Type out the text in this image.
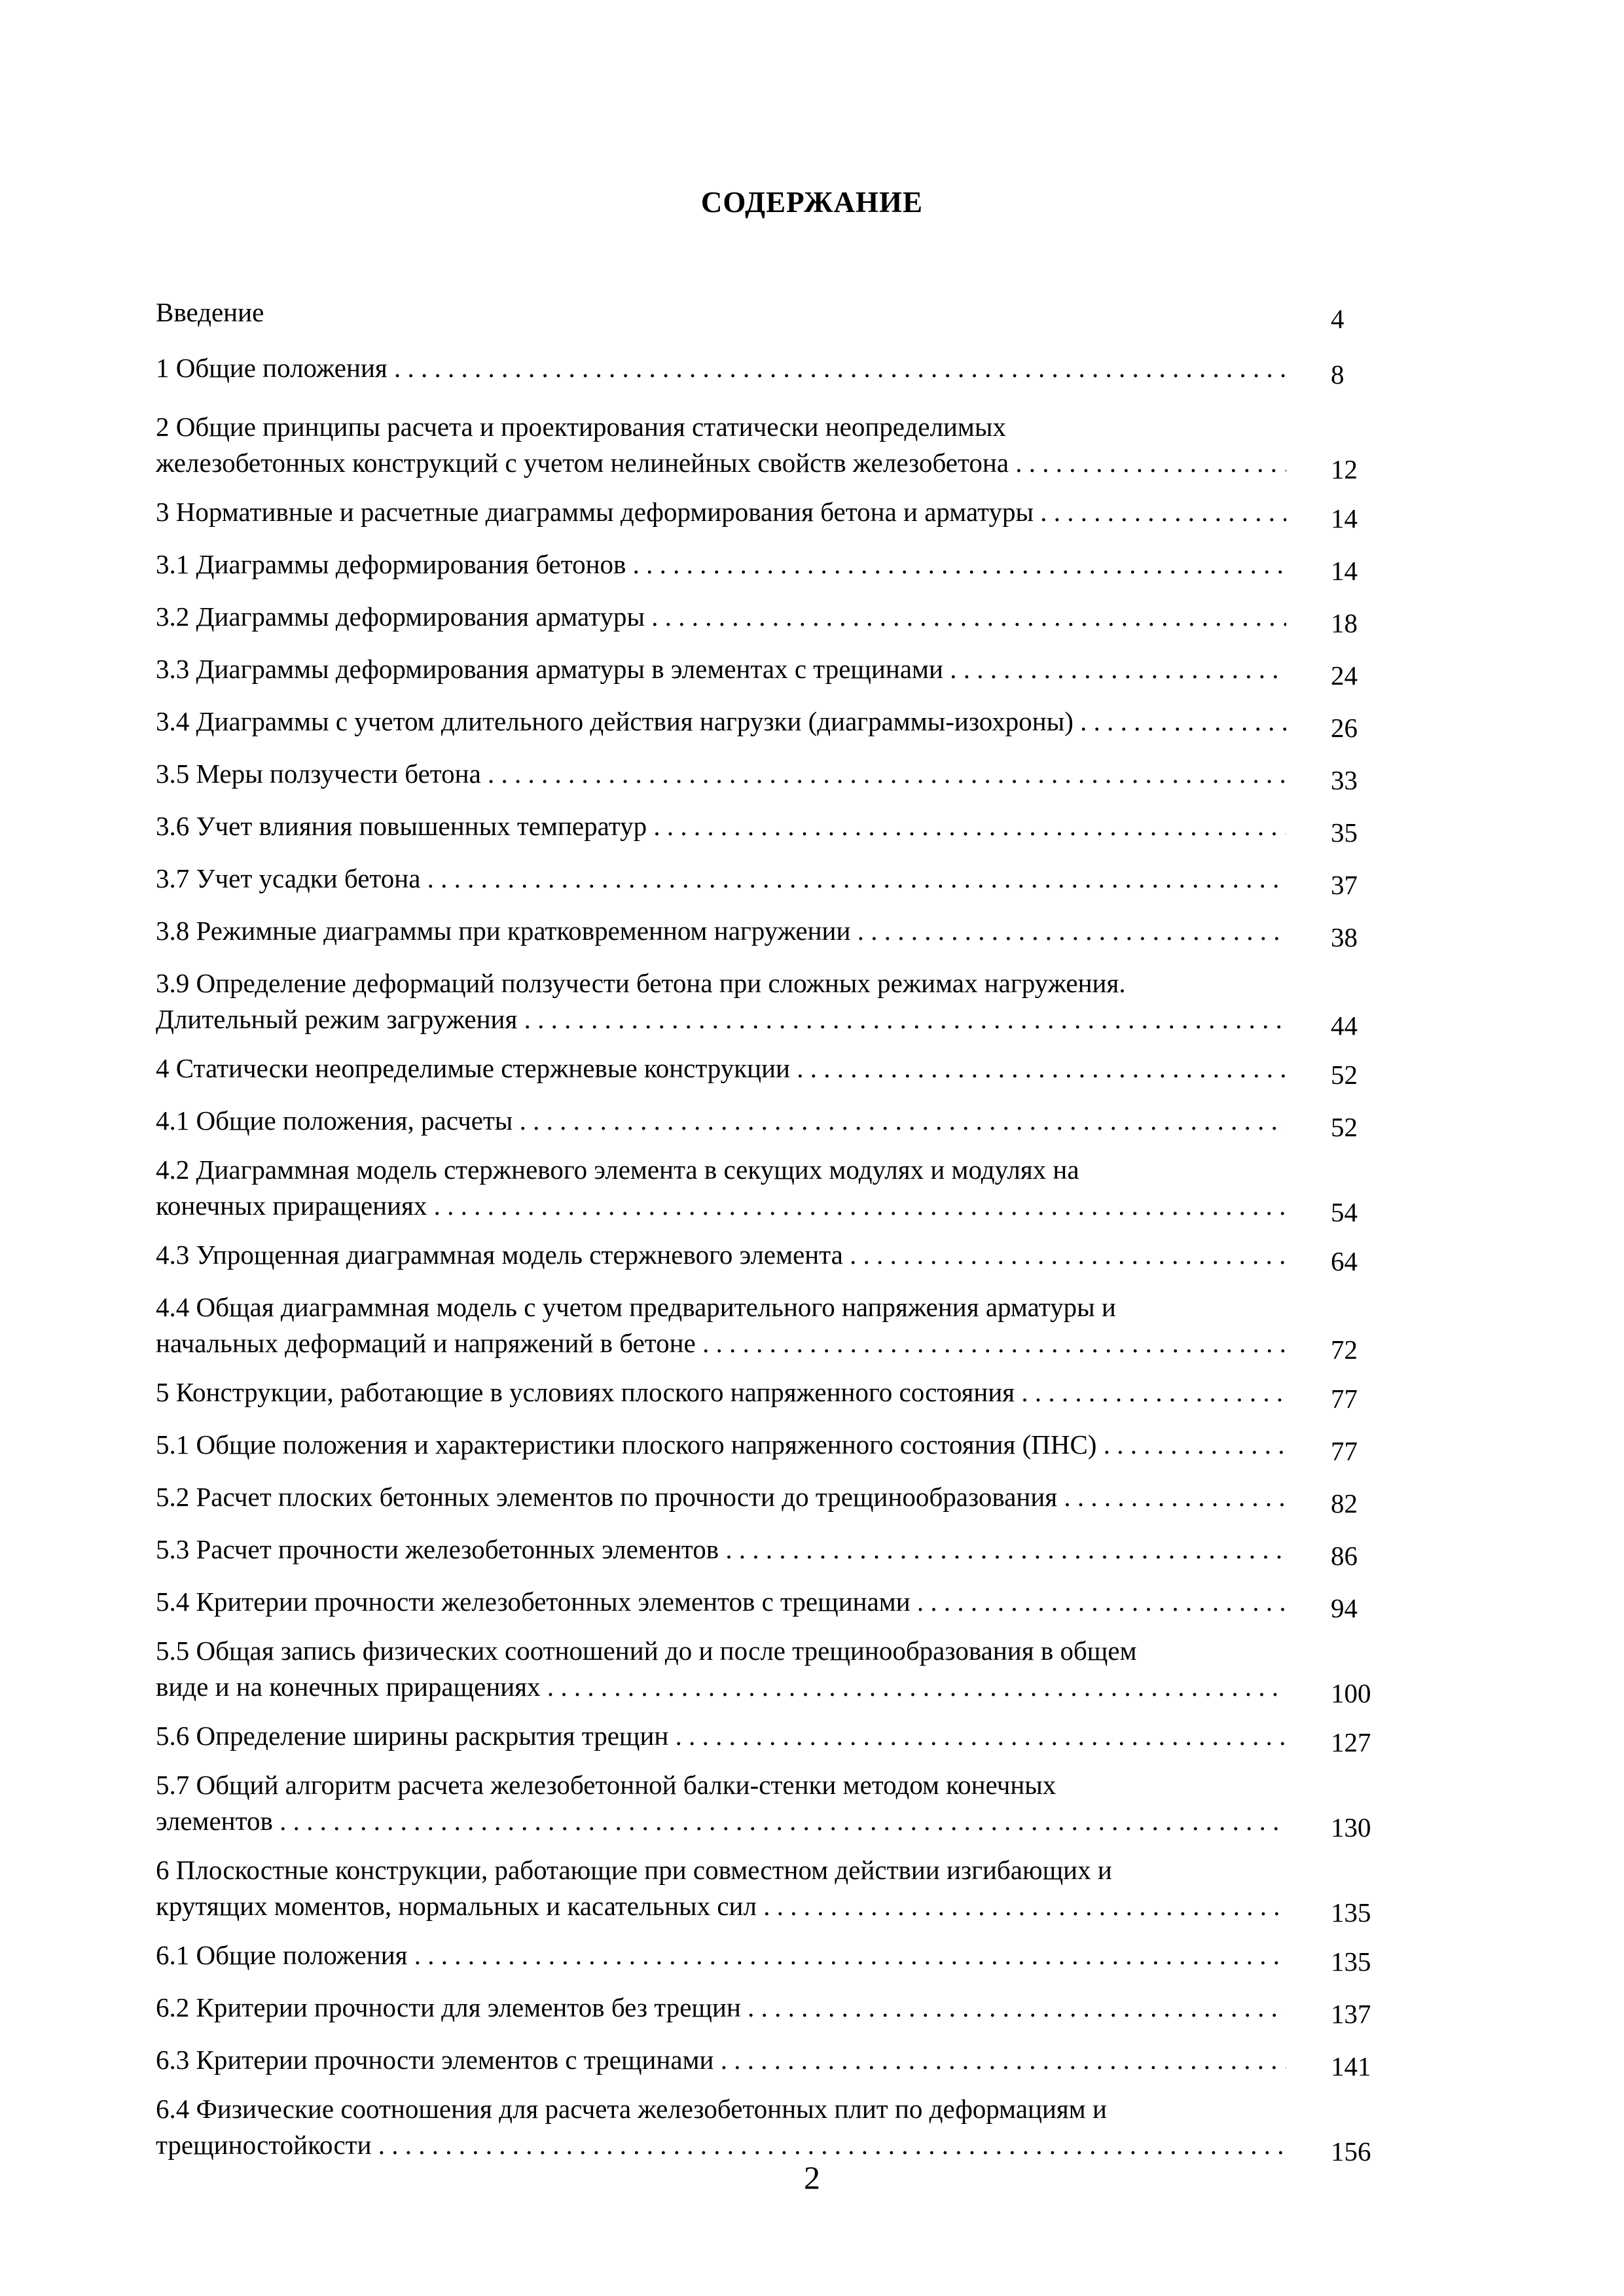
СОДЕРЖАНИЕ
Введение	4
1 Общие положения . . .	8
2 Общие принципы расчета и проектирования статически неопределимых
железобетонных конструкций с учетом нелинейных свойств железобетона . . .	12
3 Нормативные и расчетные диаграммы деформирования бетона и арматуры . . .	14
3.1 Диаграммы деформирования бетонов . . .	14
3.2 Диаграммы деформирования арматуры . . .	18
3.3 Диаграммы деформирования арматуры в элементах с трещинами . . .	24
3.4 Диаграммы с учетом длительного действия нагрузки (диаграммы-изохроны) . . .	26
3.5 Меры ползучести бетона . . .	33
3.6 Учет влияния повышенных температур . . .	35
3.7 Учет усадки бетона . . .	37
3.8 Режимные диаграммы при кратковременном нагружении . . .	38
3.9 Определение деформаций ползучести бетона при сложных режимах нагружения.
Длительный режим загружения . . .	44
4 Статически неопределимые стержневые конструкции . . .	52
4.1 Общие положения, расчеты . . .	52
4.2 Диаграммная модель стержневого элемента в секущих модулях и модулях на
конечных приращениях . . .	54
4.3 Упрощенная диаграммная модель стержневого элемента . . .	64
4.4 Общая диаграммная модель с учетом предварительного напряжения арматуры и
начальных деформаций и напряжений в бетоне . . .	72
5 Конструкции, работающие в условиях плоского напряженного состояния . . .	77
5.1 Общие положения и характеристики плоского напряженного состояния (ПНС) . . .	77
5.2 Расчет плоских бетонных элементов по прочности до трещинообразования . . .	82
5.3 Расчет прочности железобетонных элементов . . .	86
5.4 Критерии прочности железобетонных элементов с трещинами . . .	94
5.5 Общая запись физических соотношений до и после трещинообразования в общем
виде и на конечных приращениях . . .	100
5.6 Определение ширины раскрытия трещин . . .	127
5.7 Общий алгоритм расчета железобетонной балки-стенки методом конечных
элементов . . .	130
6 Плоскостные конструкции, работающие при совместном действии изгибающих и
крутящих моментов, нормальных и касательных сил . . .	135
6.1 Общие положения . . .	135
6.2 Критерии прочности для элементов без трещин . . .	137
6.3 Критерии прочности элементов с трещинами . . .	141
6.4 Физические соотношения для расчета железобетонных плит по деформациям и
трещиностойкости . . .	156
2
